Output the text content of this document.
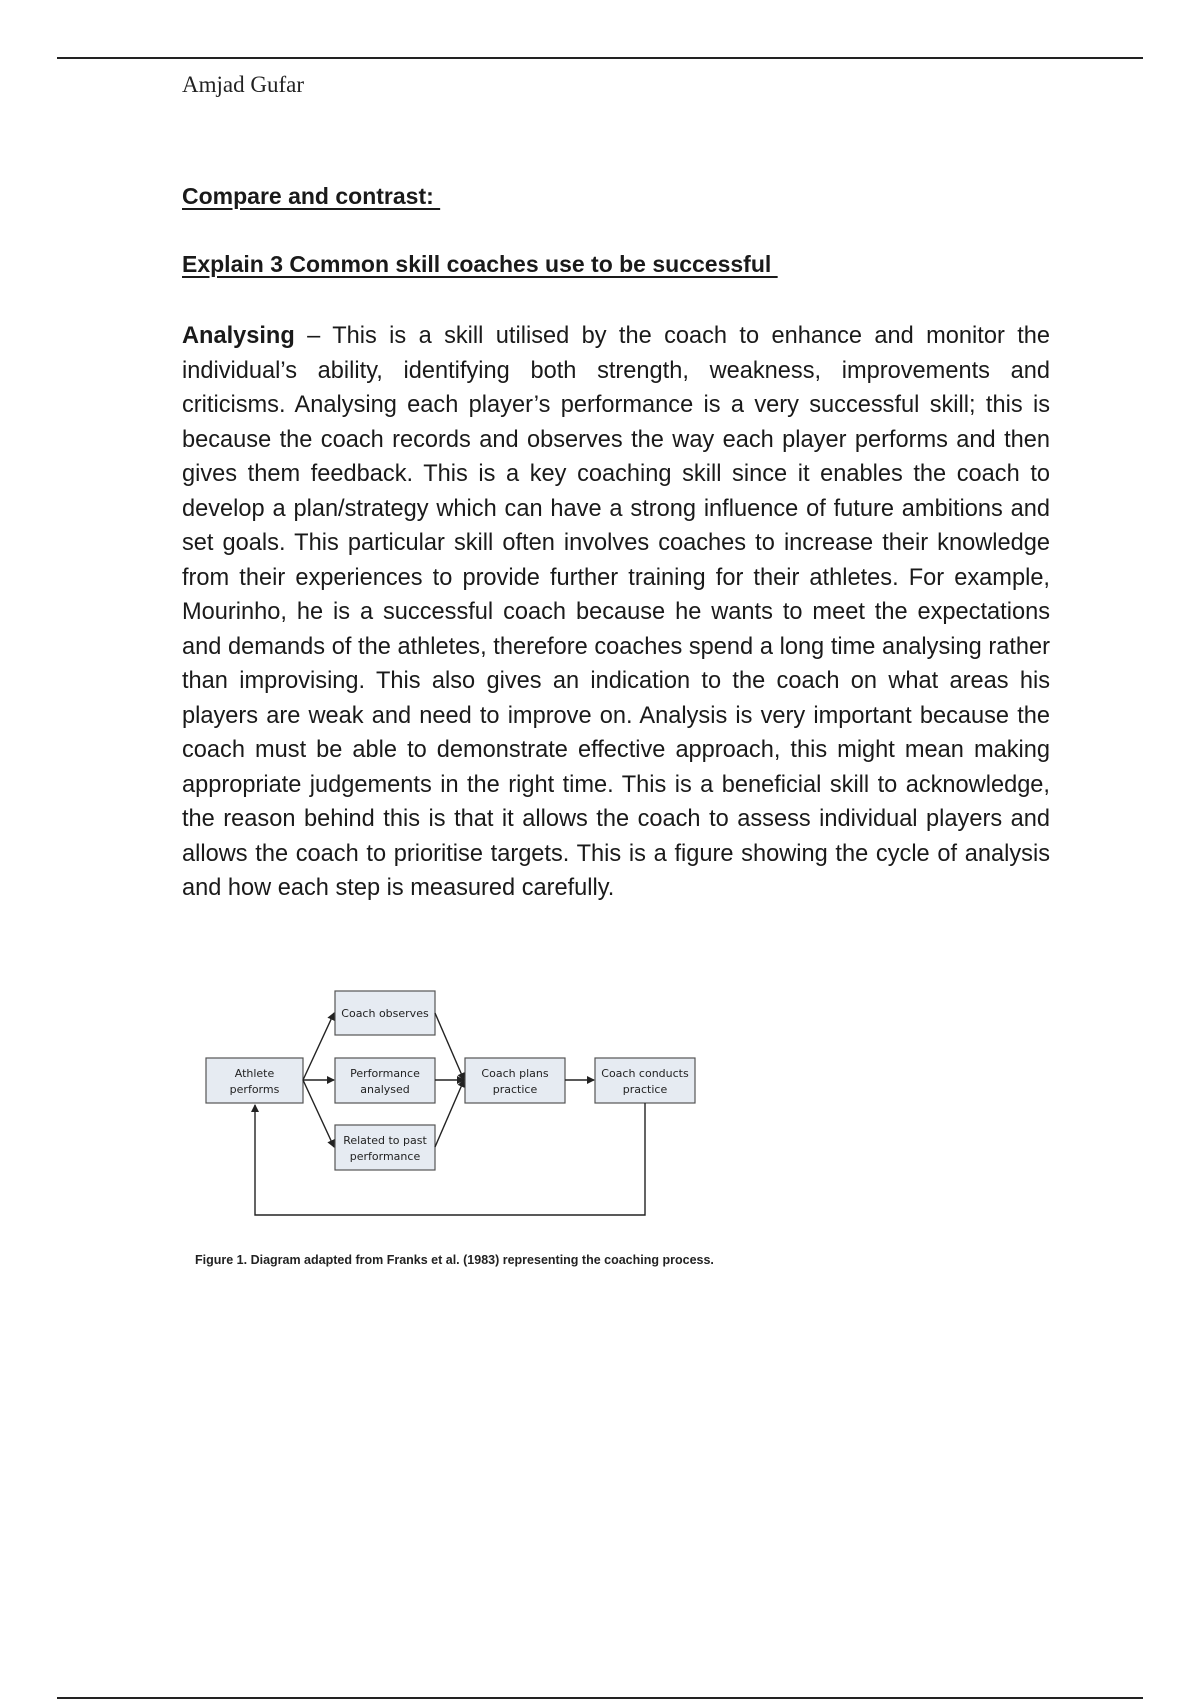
Amjad Gufar
Compare and contrast:
Explain 3 Common skill coaches use to be successful
Analysing – This is a skill utilised by the coach to enhance and monitor the individual’s ability, identifying both strength, weakness, improvements and criticisms. Analysing each player’s performance is a very successful skill; this is because the coach records and observes the way each player performs and then gives them feedback. This is a key coaching skill since it enables the coach to develop a plan/strategy which can have a strong influence of future ambitions and set goals. This particular skill often involves coaches to increase their knowledge from their experiences to provide further training for their athletes. For example, Mourinho, he is a successful coach because he wants to meet the expectations and demands of the athletes, therefore coaches spend a long time analysing rather than improvising. This also gives an indication to the coach on what areas his players are weak and need to improve on. Analysis is very important because the coach must be able to demonstrate effective approach, this might mean making appropriate judgements in the right time. This is a beneficial skill to acknowledge, the reason behind this is that it allows the coach to assess individual players and allows the coach to prioritise targets. This is a figure showing the cycle of analysis and how each step is measured carefully.
Athlete
performs
Coach observes
Performance
analysed
Related to past
performance
Coach plans
practice
Coach conducts
practice
Figure 1. Diagram adapted from Franks et al. (1983) representing the coaching process.
